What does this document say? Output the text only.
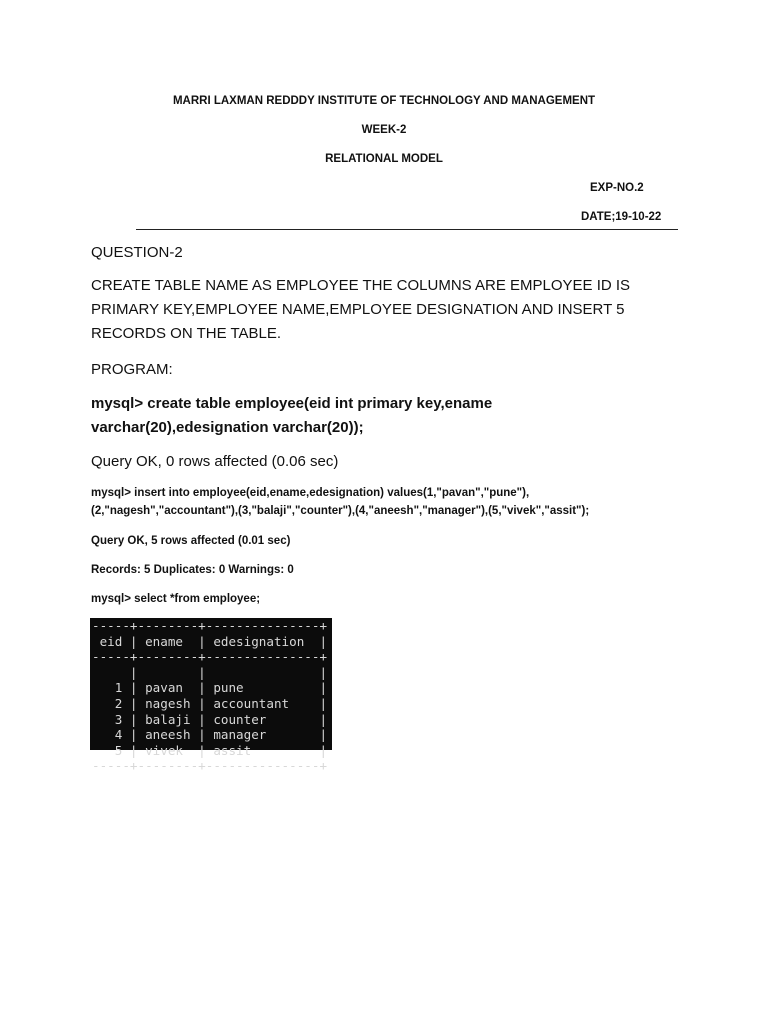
MARRI LAXMAN REDDDY INSTITUTE OF TECHNOLOGY AND MANAGEMENT
WEEK-2
RELATIONAL MODEL
EXP-NO.2
DATE;19-10-22
QUESTION-2
CREATE TABLE NAME AS EMPLOYEE THE COLUMNS ARE EMPLOYEE ID IS PRIMARY KEY,EMPLOYEE NAME,EMPLOYEE DESIGNATION AND INSERT 5 RECORDS ON THE TABLE.
PROGRAM:
mysql> create table employee(eid int primary key,ename
varchar(20),edesignation varchar(20));
Query OK, 0 rows affected (0.06 sec)
mysql> insert into employee(eid,ename,edesignation) values(1,"pavan","pune"),
(2,"nagesh","accountant"),(3,"balaji","counter"),(4,"aneesh","manager"),(5,"vivek","assit");
Query OK, 5 rows affected (0.01 sec)
Records: 5 Duplicates: 0 Warnings: 0
mysql> select *from employee;
-----+--------+---------------+
eid | ename  | edesignation  |
-----+--------+---------------+
|        |               |
1 | pavan  | pune          |
2 | nagesh | accountant    |
3 | balaji | counter       |
4 | aneesh | manager       |
5 | vivek  | assit         |
-----+--------+---------------+
